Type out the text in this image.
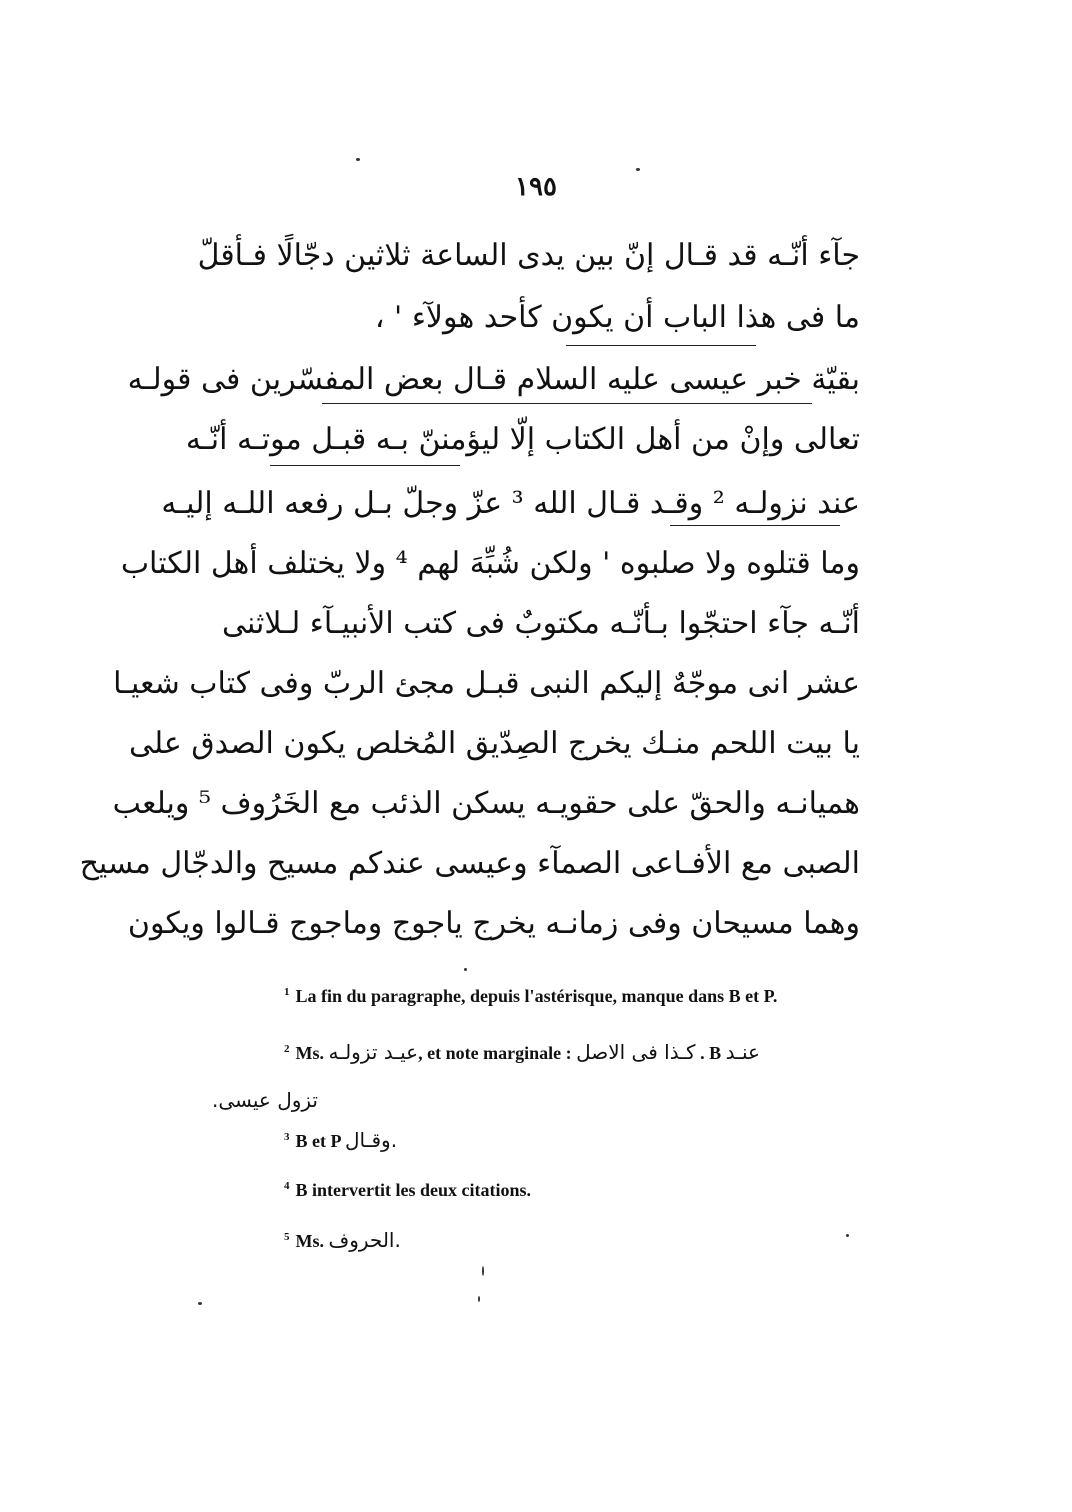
١٩٥
جآء أنّـه قد قـال إنّ بين يدى الساعة ثلاثين دجّالًا فـأقلّ
ما فى هذا الباب أن يكون كأحد هولآء ' ،
بقيّة خبر عيسى عليه السلام قـال بعض المفسّرين فى قولـه
تعالى وإنْ من أهل الكتاب إلّا ليؤمننّ بـه قبـل موتـه أنّـه
عند نزولـه ² وقـد قـال الله ³ عزّ وجلّ بـل رفعه اللـه إليـه
وما قتلوه ولا صلبوه ' ولكن شُبِّهَ لهم ⁴ ولا يختلف أهل الكتاب
أنّـه جآء احتجّوا بـأنّـه مكتوبٌ فى كتب الأنبيـآء لـلاثنى
عشر انى موجّهٌ إليكم النبى قبـل مجئ الربّ وفى كتاب شعيـا
يا بيت اللحم منـك يخرج الصِدّيق المُخلص يكون الصدق على
هميانـه والحقّ على حقويـه يسكن الذئب مع الخَرُوف ⁵ ويلعب
الصبى مع الأفـاعى الصمآء وعيسى عندكم مسيح والدجّال مسيح
وهما مسيحان وفى زمانـه يخرج ياجوج وماجوج قـالوا ويكون
$^1$ La fin du paragraphe, depuis l'astérisque, manque dans B et P.
$^2$ Ms. عيـد تزولـه, et note marginale : كـذا فى الاصل . B عنـد
تزول عيسى.
$^3$ B et P وقـال.
$^4$ B intervertit les deux citations.
$^5$ Ms. الحروف.
